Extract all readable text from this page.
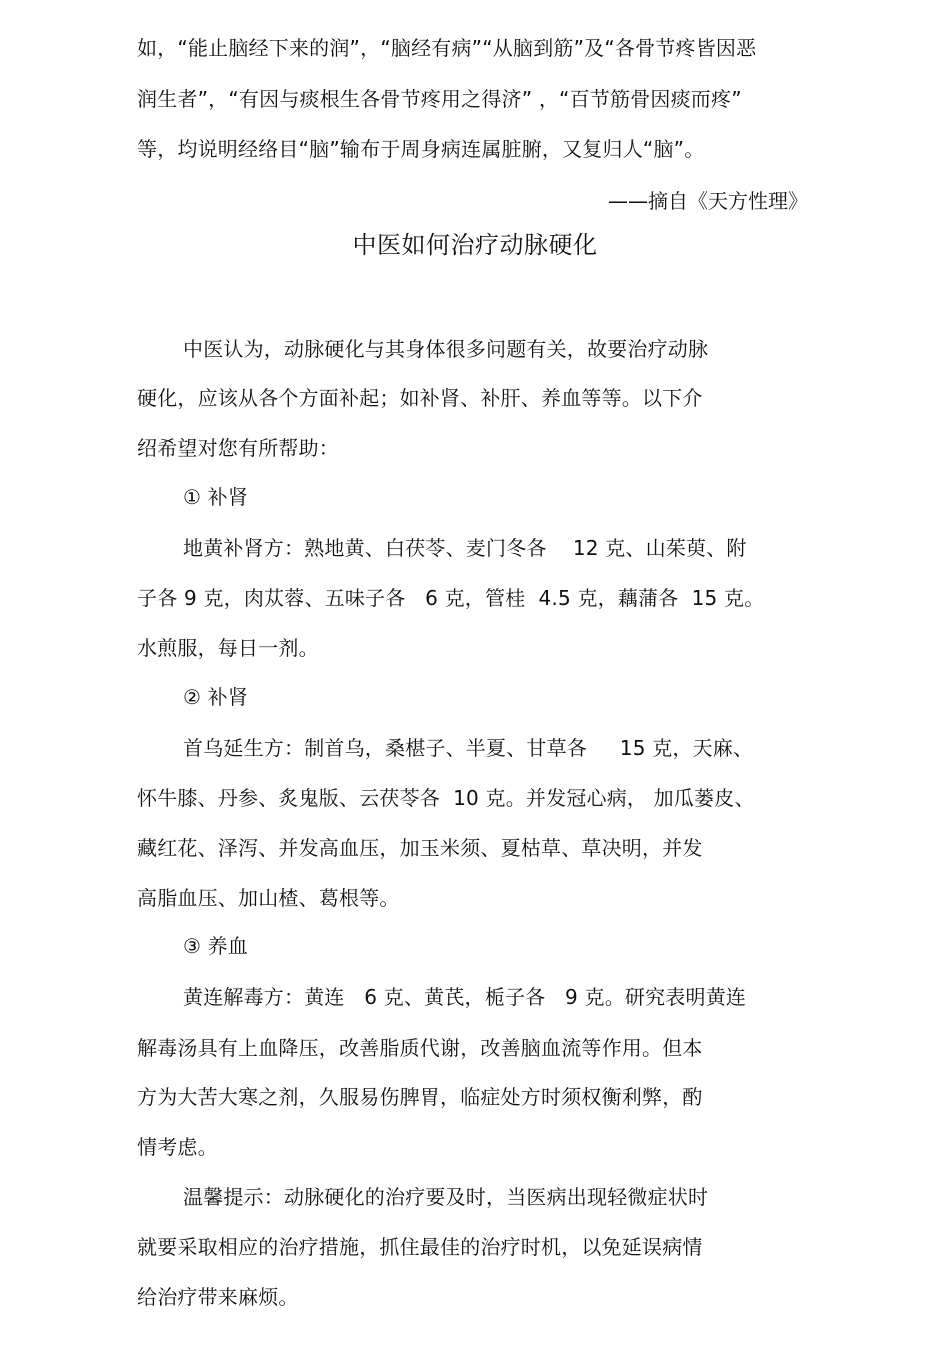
如，“能止脑经下来的润”，“脑经有病”“从脑到筋”及“各骨节疼皆因恶
润生者”，“有因与痰根生各骨节疼用之得济” ，“百节筋骨因痰而疼”
等，均说明经络目“脑”输布于周身病连属脏腑，又复归人“脑”。
——摘自《天方性理》
中医如何治疗动脉硬化
中医认为，动脉硬化与其身体很多问题有关，故要治疗动脉
硬化，应该从各个方面补起；如补肾、补肝、养血等等。以下介
绍希望对您有所帮助：
① 补肾
地黄补肾方：熟地黄、白茯苓、麦门冬各    12 克、山茱萸、附
子各 9 克，肉苁蓉、五味子各   6 克，管桂  4.5 克，藕蒲各  15 克。
水煎服，每日一剂。
② 补肾
首乌延生方：制首乌，桑椹子、半夏、甘草各     15 克，天麻、
怀牛膝、丹参、炙鬼版、云茯苓各  10 克。并发冠心病， 加瓜蒌皮、
藏红花、泽泻、并发高血压，加玉米须、夏枯草、草决明，并发
高脂血压、加山楂、葛根等。
③ 养血
黄连解毒方：黄连   6 克、黄芪，栀子各   9 克。研究表明黄连
解毒汤具有上血降压，改善脂质代谢，改善脑血流等作用。但本
方为大苦大寒之剂，久服易伤脾胃，临症处方时须权衡利弊，酌
情考虑。
温馨提示：动脉硬化的治疗要及时，当医病出现轻微症状时
就要采取相应的治疗措施，抓住最佳的治疗时机，以免延误病情
给治疗带来麻烦。
